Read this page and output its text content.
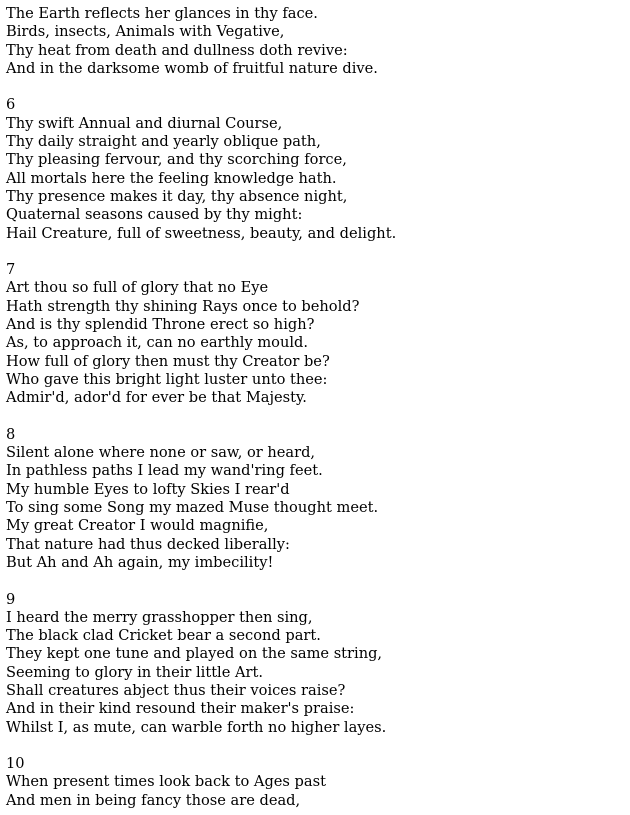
The Earth reflects her glances in thy face.
Birds, insects, Animals with Vegative,
Thy heat from death and dullness doth revive:
And in the darksome womb of fruitful nature dive.
6
Thy swift Annual and diurnal Course,
Thy daily straight and yearly oblique path,
Thy pleasing fervour, and thy scorching force,
All mortals here the feeling knowledge hath.
Thy presence makes it day, thy absence night,
Quaternal seasons caused by thy might:
Hail Creature, full of sweetness, beauty, and delight.
7
Art thou so full of glory that no Eye
Hath strength thy shining Rays once to behold?
And is thy splendid Throne erect so high?
As, to approach it, can no earthly mould.
How full of glory then must thy Creator be?
Who gave this bright light luster unto thee:
Admir'd, ador'd for ever be that Majesty.
8
Silent alone where none or saw, or heard,
In pathless paths I lead my wand'ring feet.
My humble Eyes to lofty Skies I rear'd
To sing some Song my mazed Muse thought meet.
My great Creator I would magnifie,
That nature had thus decked liberally:
But Ah and Ah again, my imbecility!
9
I heard the merry grasshopper then sing,
The black clad Cricket bear a second part.
They kept one tune and played on the same string,
Seeming to glory in their little Art.
Shall creatures abject thus their voices raise?
And in their kind resound their maker's praise:
Whilst I, as mute, can warble forth no higher layes.
10
When present times look back to Ages past
And men in being fancy those are dead,
